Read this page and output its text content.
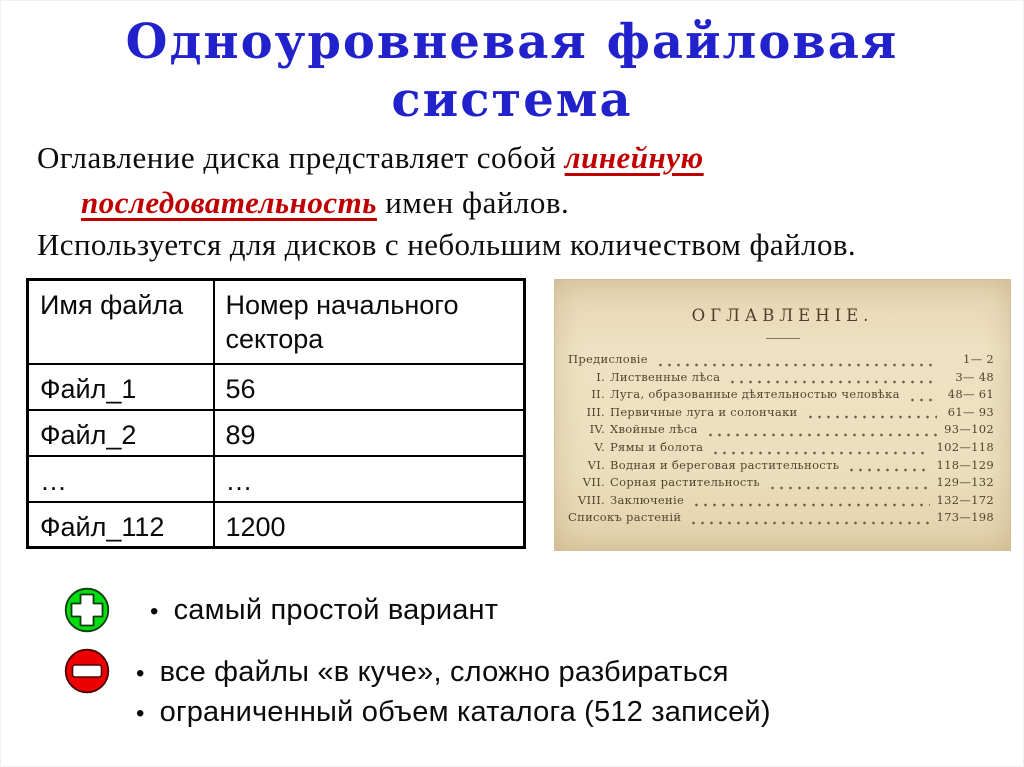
Одноуровневая файловая
система
Оглавление диска представляет собой линейную
последовательность имен файлов.
Используется для дисков с небольшим количеством файлов.
Имя файла	Номер начального сектора
Файл_1	56
Файл_2	89
…	…
Файл_112	1200
ОГЛАВЛЕНІЕ.
Предисловіе	1— 2
I. Лиственные лѣса	3— 48
II. Луга, образованные дѣятельностью человѣка	48— 61
III. Первичные луга и солончаки	61— 93
IV. Хвойные лѣса	93—102
V. Рямы и болота	102—118
VI. Водная и береговая растительность	118—129
VII. Сорная растительность	129—132
VIII. Заключеніе	132—172
Списокъ растеній	173—198
• самый простой вариант
• все файлы «в куче», сложно разбираться
• ограниченный объем каталога (512 записей)
